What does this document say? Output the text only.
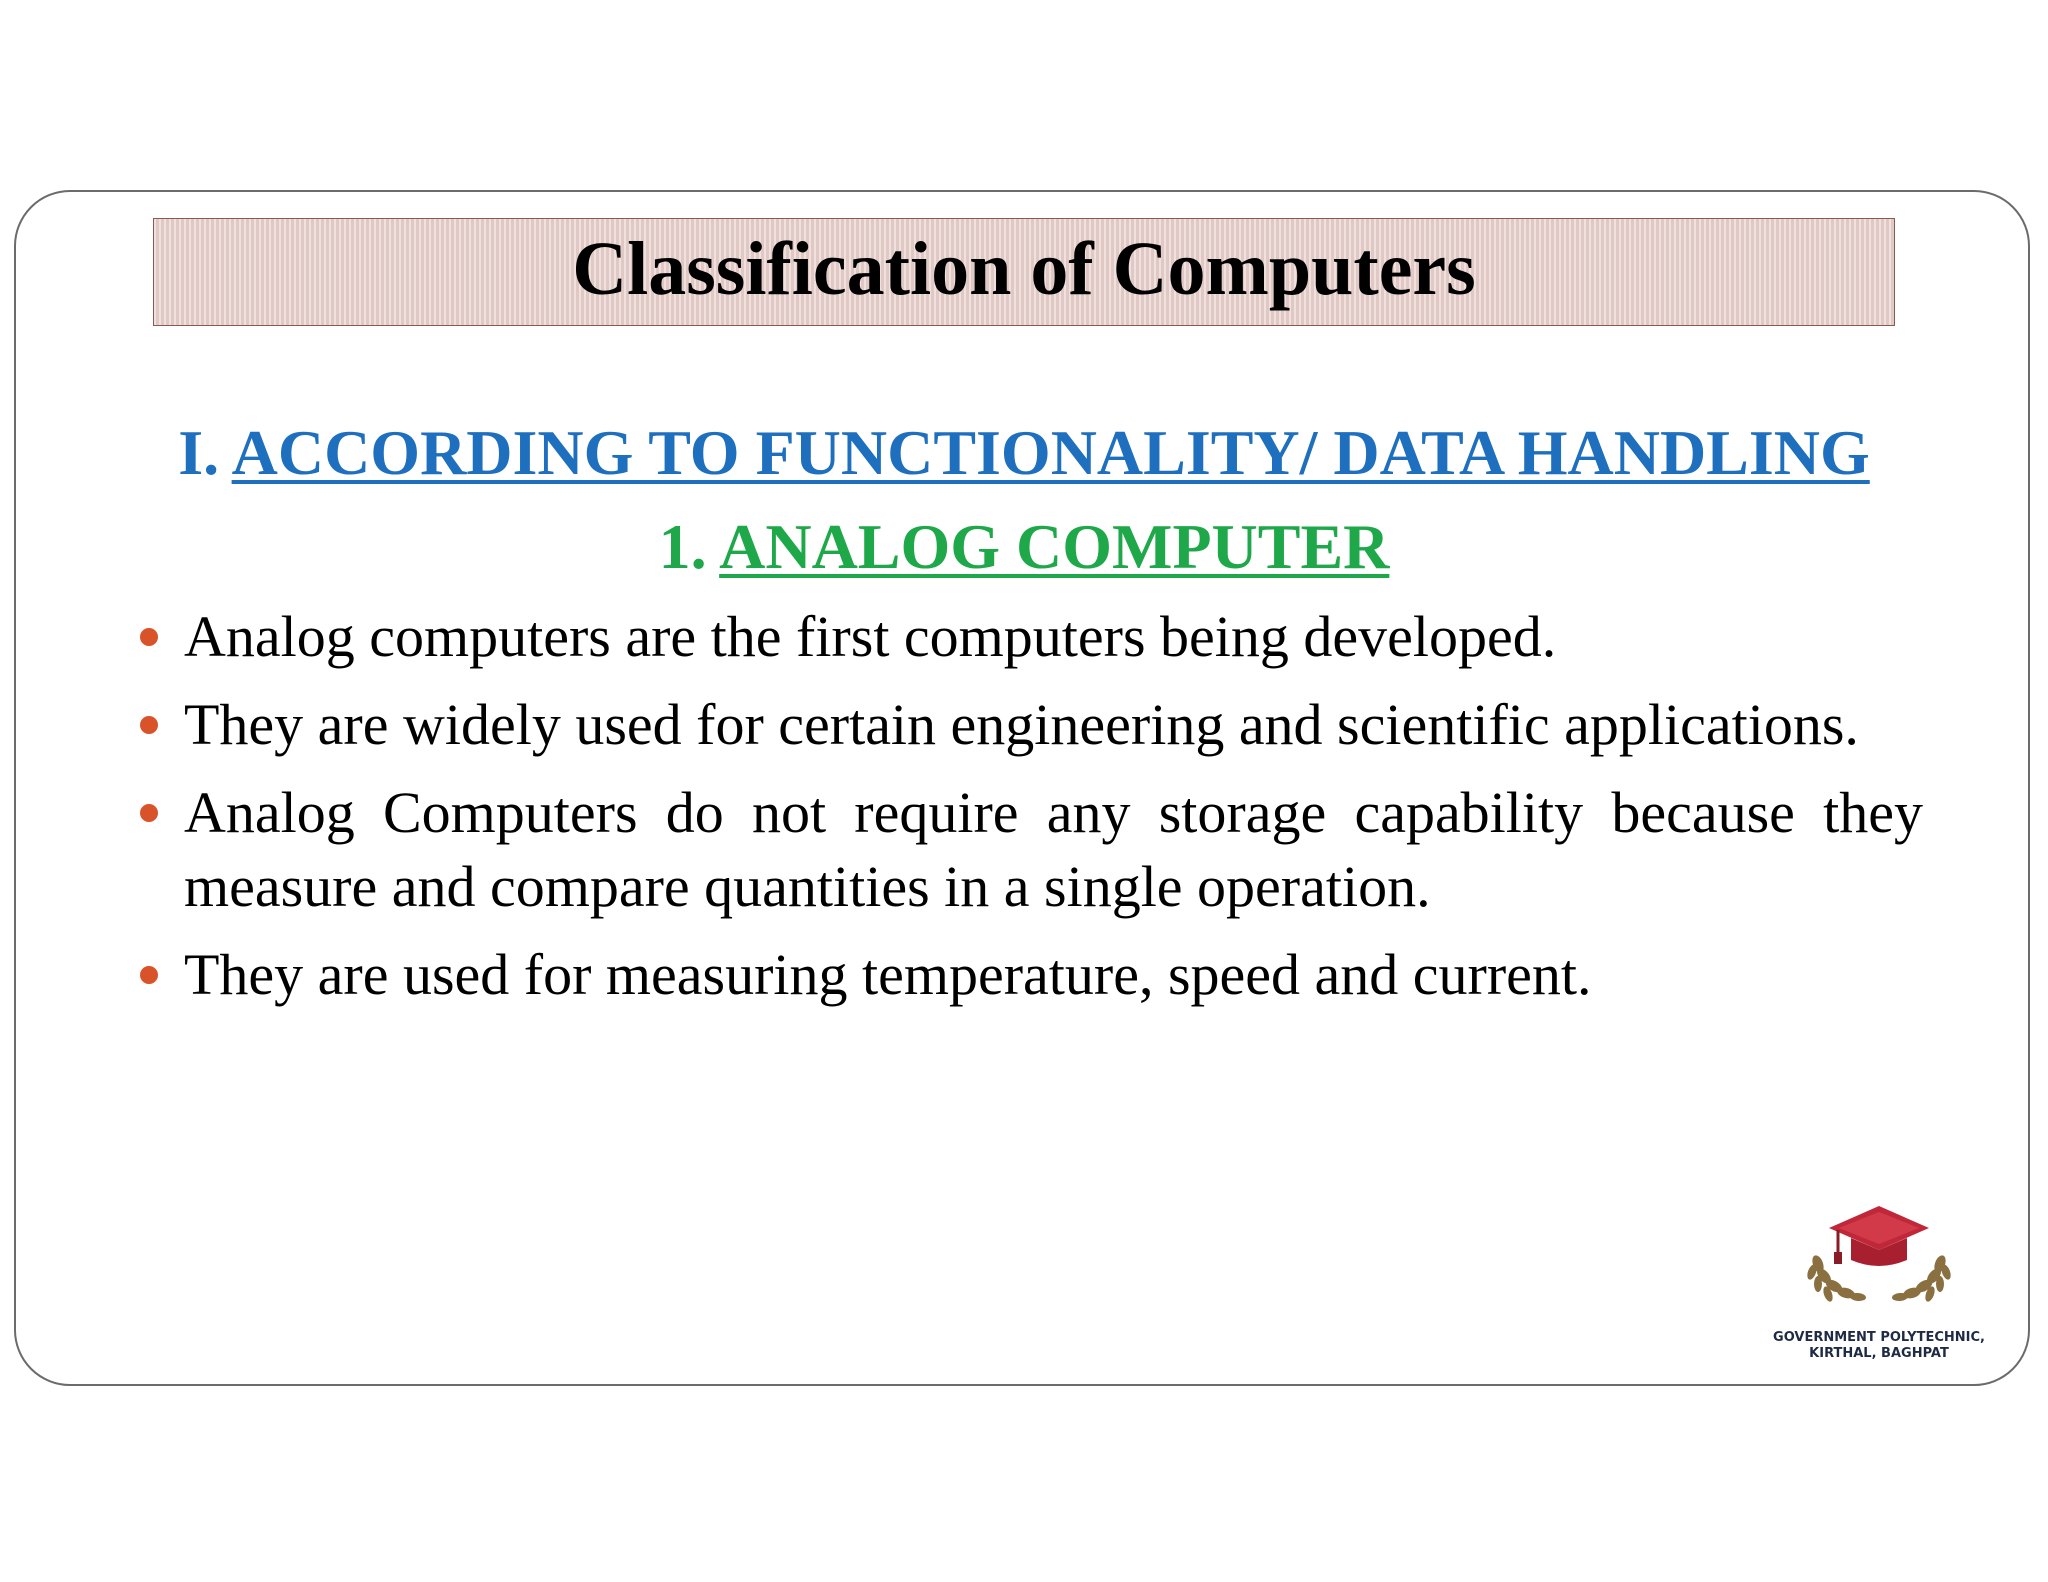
Classification of Computers
I. ACCORDING TO FUNCTIONALITY/ DATA HANDLING
1. ANALOG COMPUTER
Analog computers are the first computers being developed.
They are widely used for certain engineering and scientific applications.
Analog Computers do not require any storage capability because they measure and compare quantities in a single operation.
They are used for measuring temperature, speed and current.
GOVERNMENT POLYTECHNIC,
KIRTHAL, BAGHPAT
